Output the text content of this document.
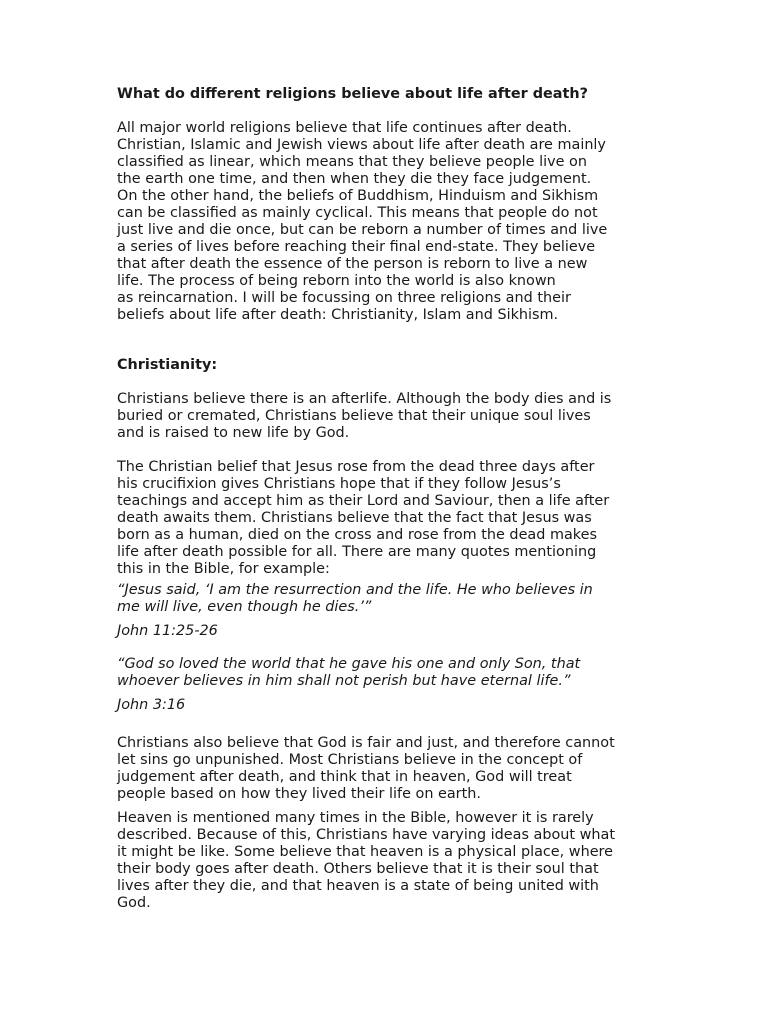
What do different religions believe about life after death?
All major world religions believe that life continues after death.
Christian, Islamic and Jewish views about life after death are mainly
classified as linear, which means that they believe people live on
the earth one time, and then when they die they face judgement.
On the other hand, the beliefs of Buddhism, Hinduism and Sikhism
can be classified as mainly cyclical. This means that people do not
just live and die once, but can be reborn a number of times and live
a series of lives before reaching their final end-state. They believe
that after death the essence of the person is reborn to live a new
life. The process of being reborn into the world is also known
as reincarnation. I will be focussing on three religions and their
beliefs about life after death: Christianity, Islam and Sikhism.
Christianity:
Christians believe there is an afterlife. Although the body dies and is
buried or cremated, Christians believe that their unique soul lives
and is raised to new life by God.
The Christian belief that Jesus rose from the dead three days after
his crucifixion gives Christians hope that if they follow Jesus’s
teachings and accept him as their Lord and Saviour, then a life after
death awaits them. Christians believe that the fact that Jesus was
born as a human, died on the cross and rose from the dead makes
life after death possible for all. There are many quotes mentioning
this in the Bible, for example:
“Jesus said, ‘I am the resurrection and the life. He who believes in
me will live, even though he dies.’”
John 11:25-26
“God so loved the world that he gave his one and only Son, that
whoever believes in him shall not perish but have eternal life.”
John 3:16
Christians also believe that God is fair and just, and therefore cannot
let sins go unpunished. Most Christians believe in the concept of
judgement after death, and think that in heaven, God will treat
people based on how they lived their life on earth.
Heaven is mentioned many times in the Bible, however it is rarely
described. Because of this, Christians have varying ideas about what
it might be like. Some believe that heaven is a physical place, where
their body goes after death. Others believe that it is their soul that
lives after they die, and that heaven is a state of being united with
God.
